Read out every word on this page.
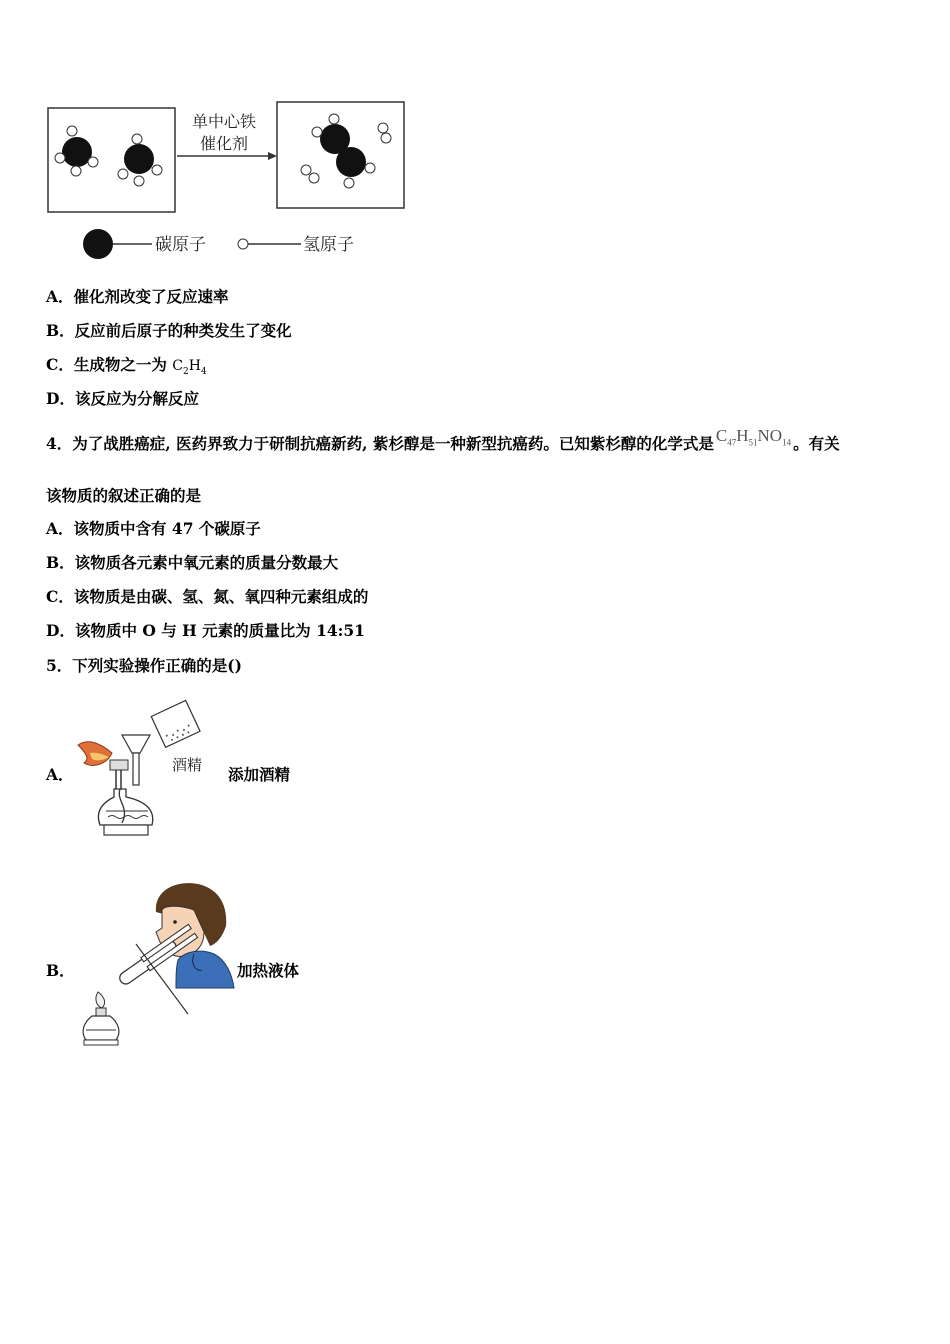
单中心铁
催化剂
碳原子	氢原子
A．催化剂改变了反应速率
B．反应前后原子的种类发生了变化
C．生成物之一为 $C_2H_4$
D．该反应为分解反应
4．为了战胜癌症, 医药界致力于研制抗癌新药, 紫杉醇是一种新型抗癌药。已知紫杉醇的化学式是 $C_{47}H_{51}NO_{14}$ 。有关
该物质的叙述正确的是
A．该物质中含有 47 个碳原子
B．该物质各元素中氧元素的质量分数最大
C．该物质是由碳、氢、氮、氧四种元素组成的
D．该物质中 O 与 H 元素的质量比为 14:51
5．下列实验操作正确的是()
A．	酒精 添加酒精
B．	加热液体
